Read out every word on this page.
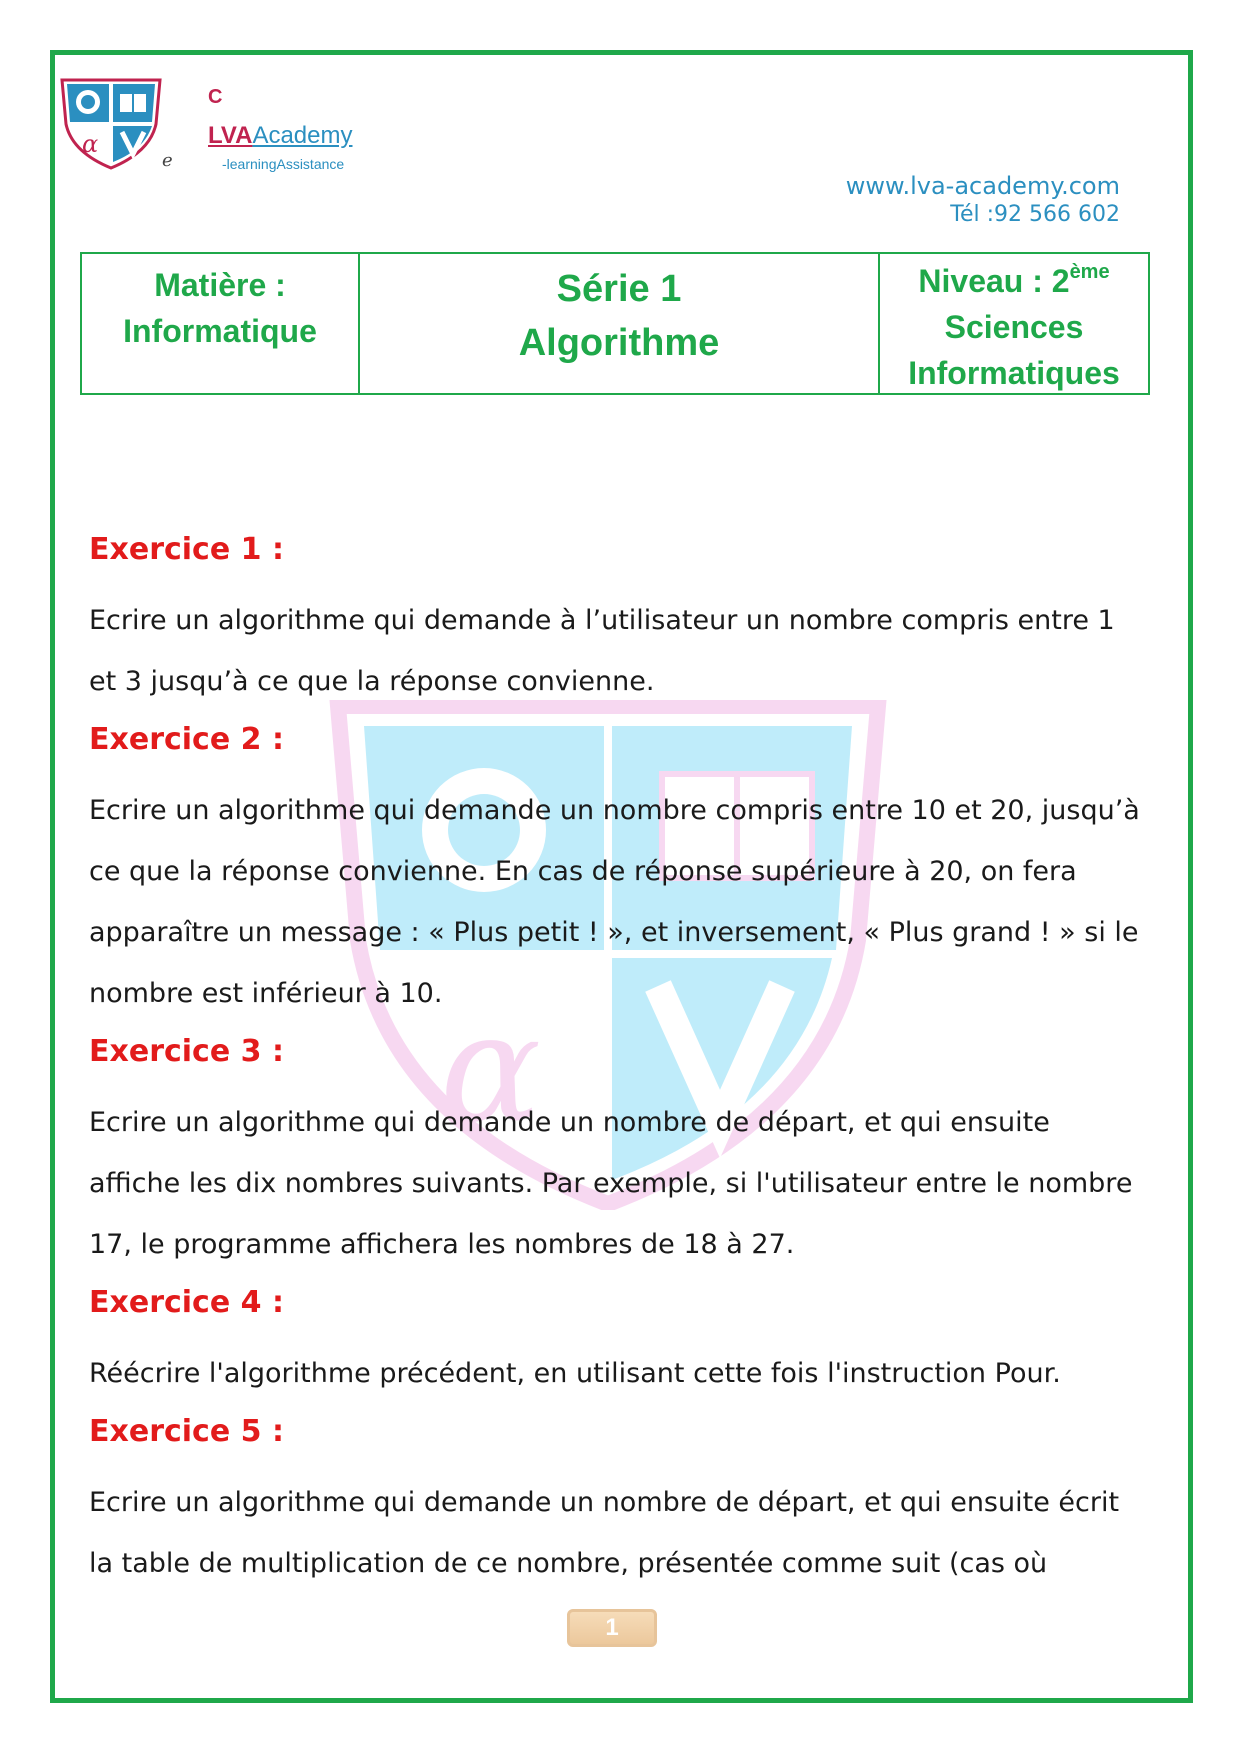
α
C
LVAAcademy
-learningAssistance
e
www.lva-academy.com
Tél :92 566 602
Matière :
Informatique
Série 1
Algorithme
Niveau : 2ème
Sciences
Informatiques
α
Exercice 1 :

Ecrire un algorithme qui demande à l’utilisateur un nombre compris entre 1 et 3 jusqu’à ce que la réponse convienne.

Exercice 2 :

Ecrire un algorithme qui demande un nombre compris entre 10 et 20, jusqu’à ce que la réponse convienne. En cas de réponse supérieure à 20, on fera apparaître un message : « Plus petit ! », et inversement, « Plus grand ! » si le nombre est inférieur à 10.

Exercice 3 :

Ecrire un algorithme qui demande un nombre de départ, et qui ensuite affiche les dix nombres suivants. Par exemple, si l'utilisateur entre le nombre 17, le programme affichera les nombres de 18 à 27.

Exercice 4 :

Réécrire l'algorithme précédent, en utilisant cette fois l'instruction Pour.

Exercice 5 :

Ecrire un algorithme qui demande un nombre de départ, et qui ensuite écrit la table de multiplication de ce nombre, présentée comme suit (cas où

1
